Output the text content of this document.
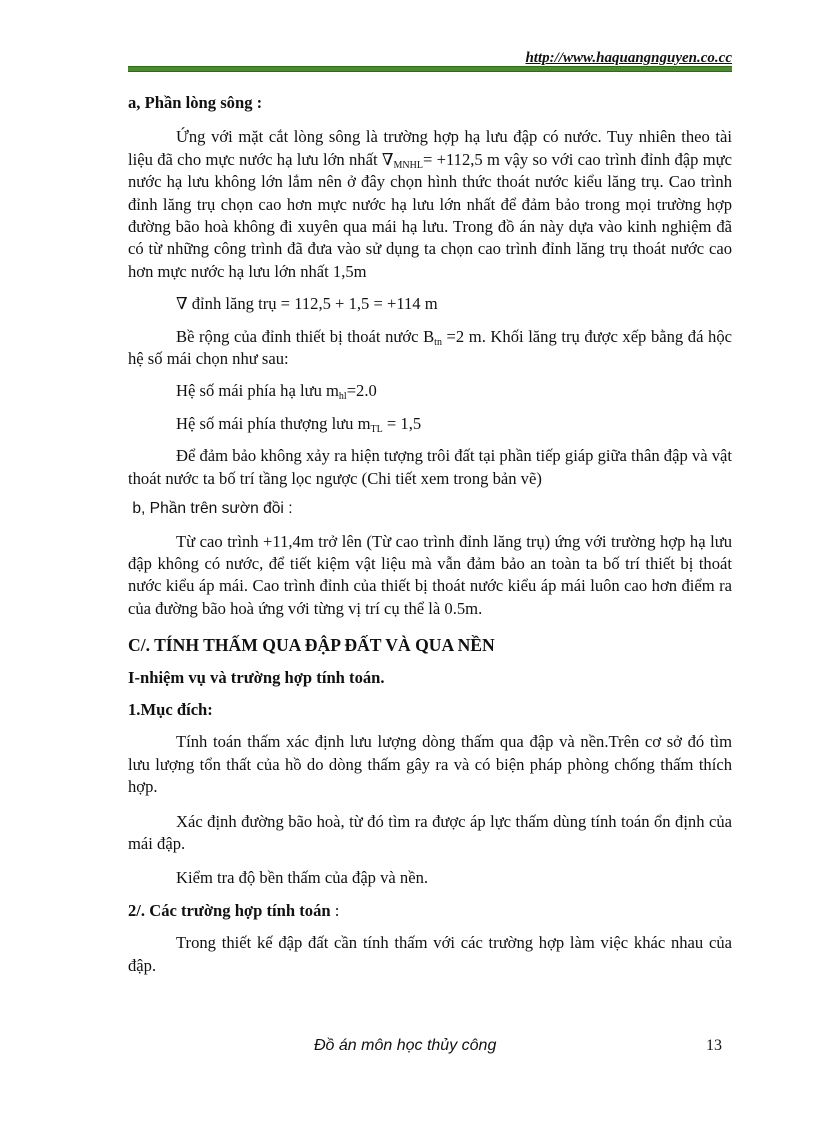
http://www.haquangnguyen.co.cc

a, Phần lòng sông :

Ứng với mặt cắt lòng sông là trường hợp hạ lưu đập có nước. Tuy nhiên theo tài liệu đã cho mực nước hạ lưu lớn nhất $\nabla_{MNHL}= +112,5$ m vậy so với cao trình đỉnh đập mực nước hạ lưu không lớn lắm nên ở đây chọn hình thức thoát nước kiểu lăng trụ. Cao trình đỉnh lăng trụ chọn cao hơn mực nước hạ lưu lớn nhất để đảm bảo trong mọi trường hợp đường bão hoà không đi xuyên qua mái hạ lưu. Trong đồ án này dựa vào kinh nghiệm đã có từ những công trình đã đưa vào sử dụng ta chọn cao trình đỉnh lăng trụ thoát nước cao hơn mực nước hạ lưu lớn nhất 1,5m

∇ đỉnh lăng trụ = 112,5 + 1,5 = +114 m

Bề rộng của đỉnh thiết bị thoát nước $B_{tn} =2$ m. Khối lăng trụ được xếp bằng đá hộc hệ số mái chọn như sau:

Hệ số mái phía hạ lưu $m_{hl}=2.0$

Hệ số mái phía thượng lưu $m_{TL} = 1,5$

Để đảm bảo không xảy ra hiện tượng trôi đất tại phần tiếp giáp giữa thân đập và vật thoát nước ta bố trí tầng lọc ngược (Chi tiết xem trong bản vẽ)

b, Phần trên sườn đồi :

Từ cao trình +11,4m trở lên (Từ cao trình đỉnh lăng trụ) ứng với trường hợp hạ lưu đập không có nước, để tiết kiệm vật liệu mà vẫn đảm bảo an toàn ta bố trí thiết bị thoát nước kiểu áp mái. Cao trình đỉnh của thiết bị thoát nước kiểu áp mái luôn cao hơn điểm ra của đường bão hoà ứng với từng vị trí cụ thể là 0.5m.

C/. TÍNH THẤM QUA ĐẬP ĐẤT VÀ QUA NỀN

I-nhiệm vụ và trường hợp tính toán.

1.Mục đích:

Tính toán thấm xác định lưu lượng dòng thấm qua đập và nền.Trên cơ sở đó tìm lưu lượng tổn thất của hồ do dòng thấm gây ra và có biện pháp phòng chống thấm thích hợp.

Xác định đường bão hoà, từ đó tìm ra được áp lực thấm dùng tính toán ổn định của mái đập.

Kiểm tra độ bền thấm của đập và nền.

2/. Các trường hợp tính toán :

Trong thiết kế đập đất cần tính thấm với các trường hợp làm việc khác nhau của đập.

Đồ án môn học thủy công	13
